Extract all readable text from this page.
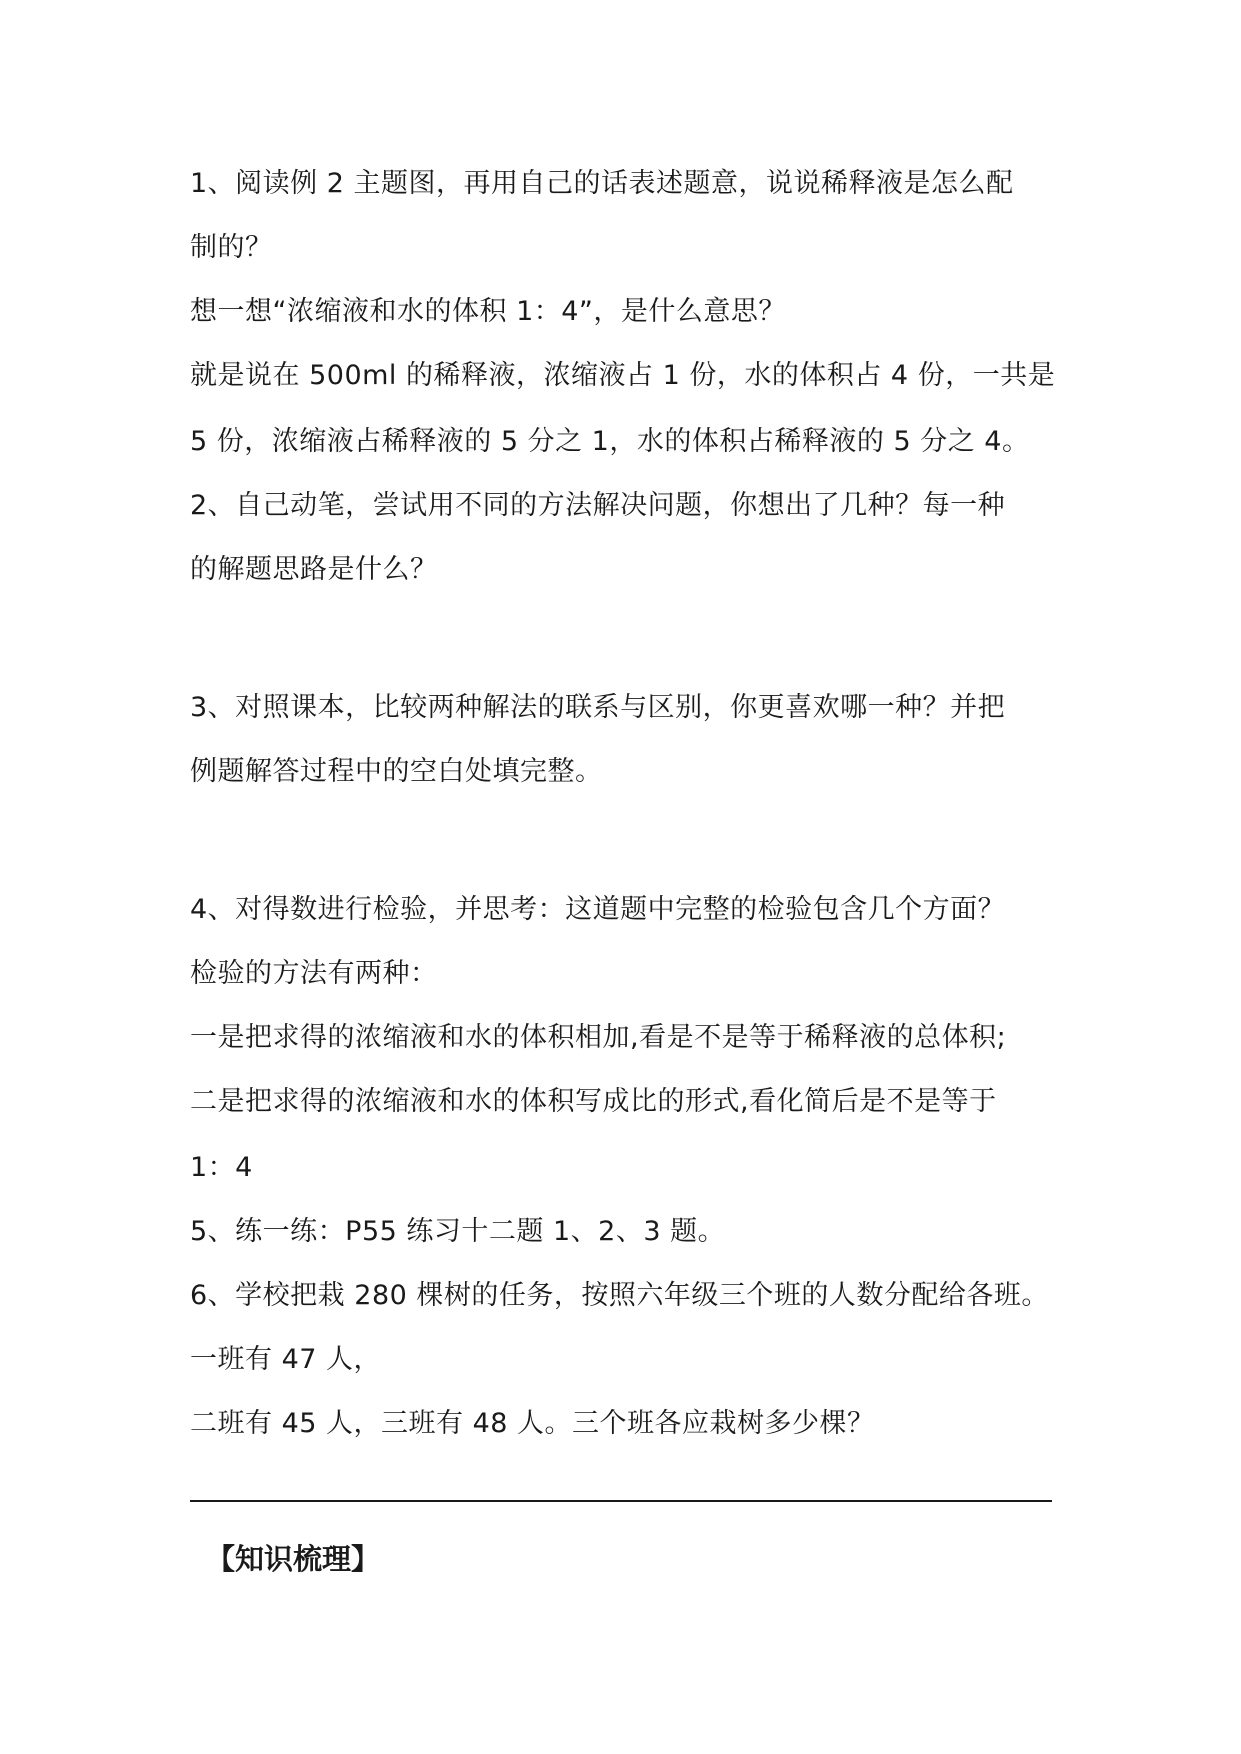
1、阅读例 2 主题图，再用自己的话表述题意，说说稀释液是怎么配
制的？
想一想“浓缩液和水的体积 1：4”，是什么意思？
就是说在 500ml 的稀释液，浓缩液占 1 份，水的体积占 4 份，一共是
5 份，浓缩液占稀释液的 5 分之 1，水的体积占稀释液的 5 分之 4。
2、自己动笔，尝试用不同的方法解决问题，你想出了几种？每一种
的解题思路是什么？
3、对照课本，比较两种解法的联系与区别，你更喜欢哪一种？并把
例题解答过程中的空白处填完整。
4、对得数进行检验，并思考：这道题中完整的检验包含几个方面？
检验的方法有两种：
一是把求得的浓缩液和水的体积相加,看是不是等于稀释液的总体积;
二是把求得的浓缩液和水的体积写成比的形式,看化简后是不是等于
1：4
5、练一练：P55 练习十二题 1、2、3 题。
6、学校把栽 280 棵树的任务，按照六年级三个班的人数分配给各班。
一班有 47 人，
二班有 45 人，三班有 48 人。三个班各应栽树多少棵？
【知识梳理】
